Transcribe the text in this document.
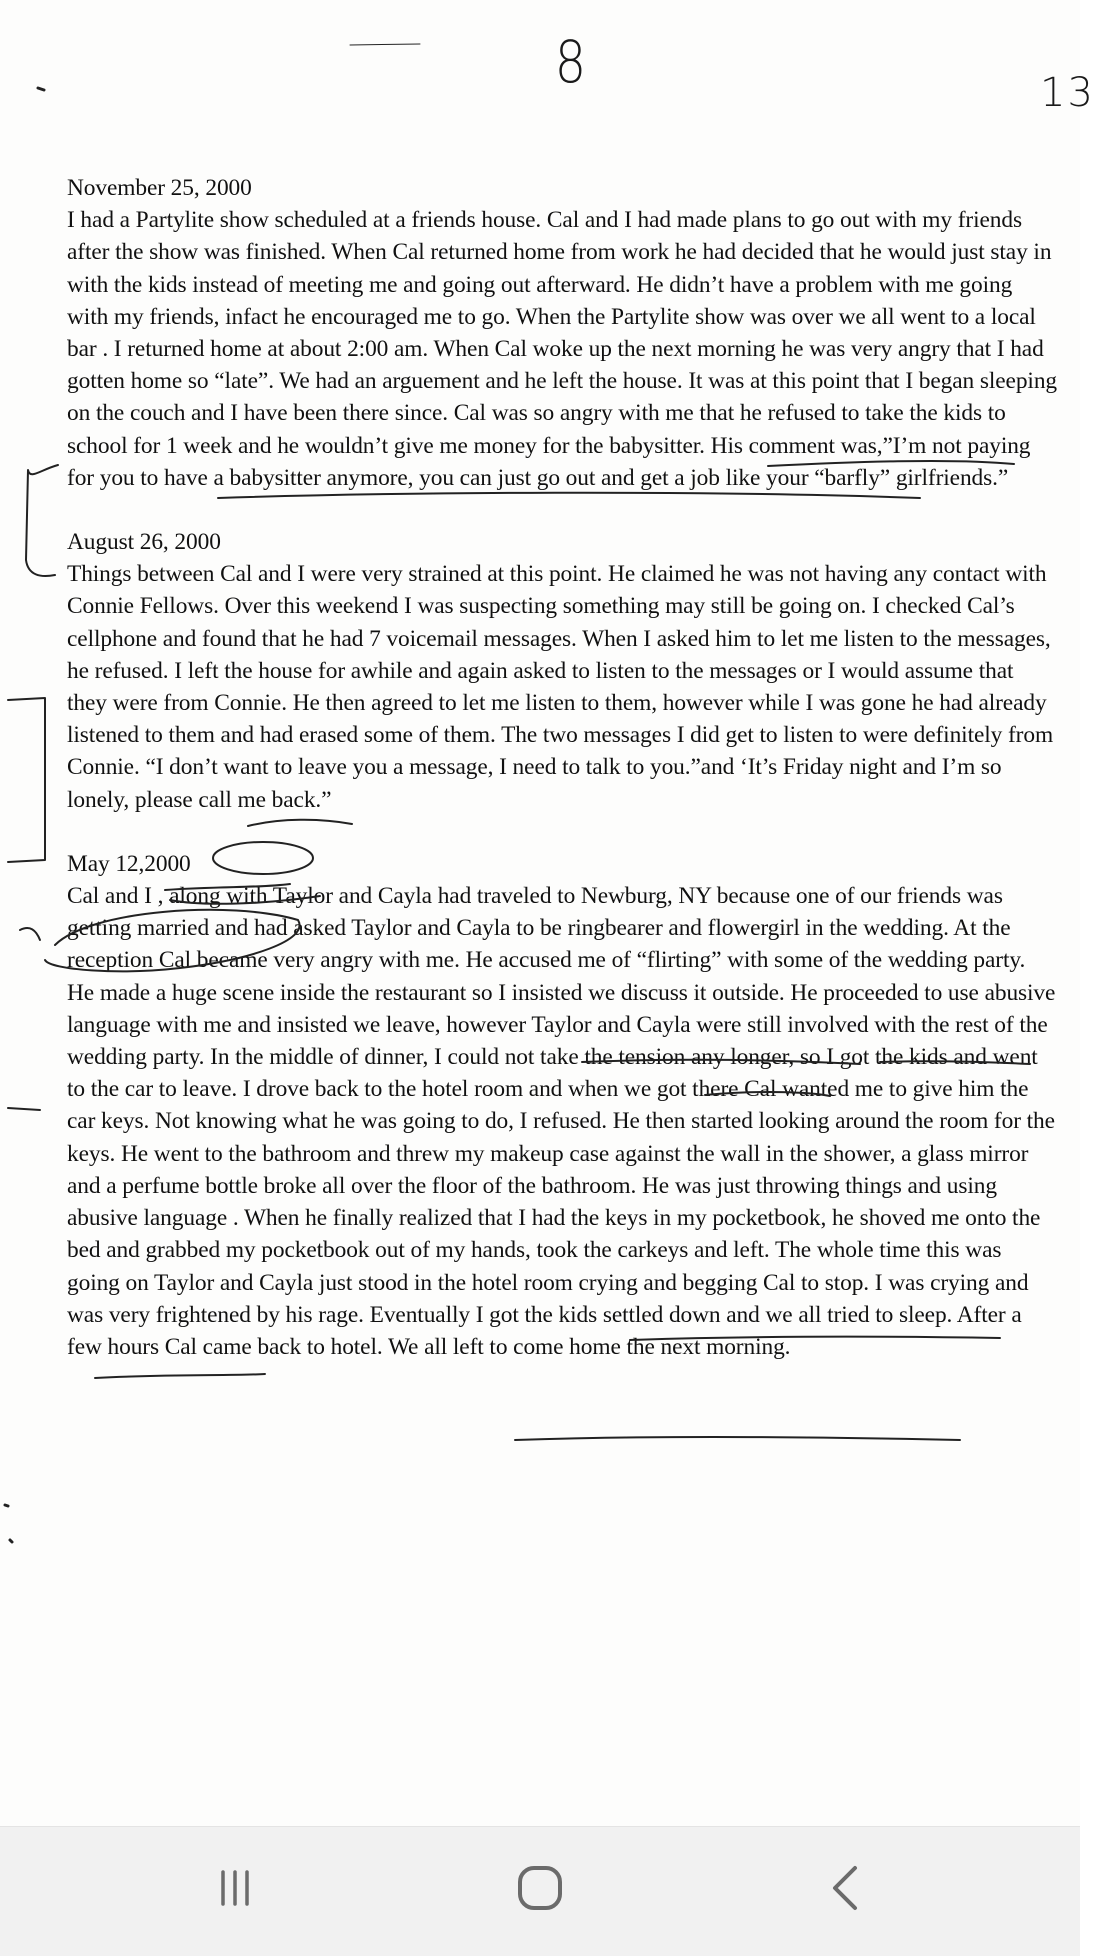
8	13
November 25, 2000

I had a Partylite show scheduled at a friends house. Cal and I had made plans to go out with my friends after the show was finished. When Cal returned home from work he had decided that he would just stay in with the kids instead of meeting me and going out afterward. He didn’t have a problem with me going with my friends, infact he encouraged me to go. When the Partylite show was over we all went to a local bar . I returned home at about 2:00 am. When Cal woke up the next morning he was very angry that I had gotten home so “late”. We had an arguement and he left the house. It was at this point that I began sleeping on the couch and I have been there since. Cal was so angry with me that he refused to take the kids to school for 1 week and he wouldn’t give me money for the babysitter. His comment was,”I’m not paying for you to have a babysitter anymore, you can just go out and get a job like your “barfly” girlfriends.”

August 26, 2000

Things between Cal and I were very strained at this point. He claimed he was not having any contact with Connie Fellows. Over this weekend I was suspecting something may still be going on. I checked Cal’s cellphone and found that he had 7 voicemail messages. When I asked him to let me listen to the messages, he refused. I left the house for awhile and again asked to listen to the messages or I would assume that they were from Connie. He then agreed to let me listen to them, however while I was gone he had already listened to them and had erased some of them. The two messages I did get to listen to were definitely from Connie. “I don’t want to leave you a message, I need to talk to you.”and ‘It’s Friday night and I’m so lonely, please call me back.”

May 12,2000

Cal and I , along with Taylor and Cayla had traveled to Newburg, NY because one of our friends was getting married and had asked Taylor and Cayla to be ringbearer and flowergirl in the wedding. At the reception Cal became very angry with me. He accused me of “flirting” with some of the wedding party. He made a huge scene inside the restaurant so I insisted we discuss it outside. He proceeded to use abusive language with me and insisted we leave, however Taylor and Cayla were still involved with the rest of the wedding party. In the middle of dinner, I could not take the tension any longer, so I got the kids and went to the car to leave. I drove back to the hotel room and when we got there Cal wanted me to give him the car keys. Not knowing what he was going to do, I refused. He then started looking around the room for the keys. He went to the bathroom and threw my makeup case against the wall in the shower, a glass mirror and a perfume bottle broke all over the floor of the bathroom. He was just throwing things and using abusive language . When he finally realized that I had the keys in my pocketbook, he shoved me onto the bed and grabbed my pocketbook out of my hands, took the carkeys and left. The whole time this was going on Taylor and Cayla just stood in the hotel room crying and begging Cal to stop. I was crying and was very frightened by his rage. Eventually I got the kids settled down and we all tried to sleep. After a few hours Cal came back to hotel. We all left to come home the next morning.
